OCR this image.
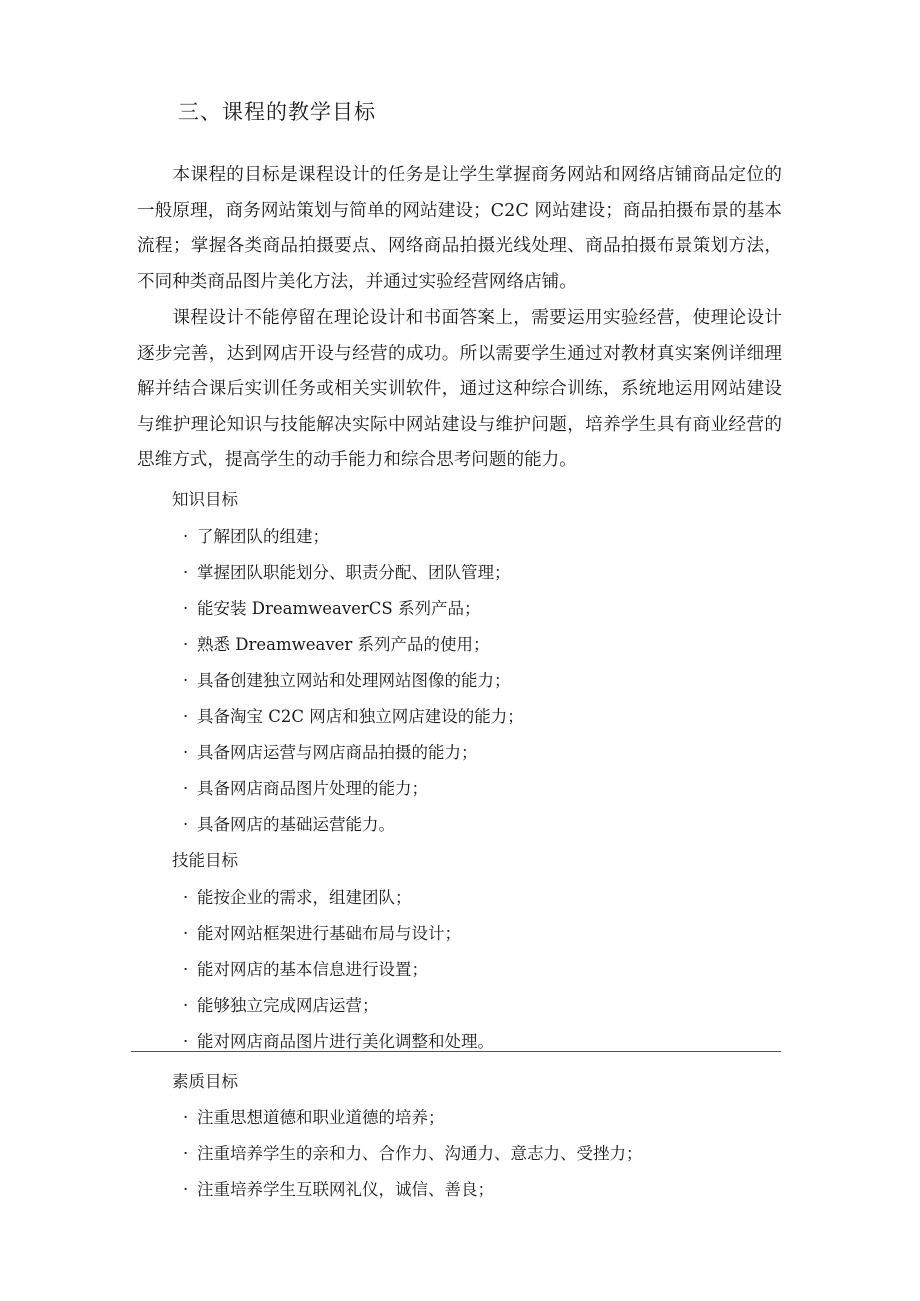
三、课程的教学目标

本课程的目标是课程设计的任务是让学生掌握商务网站和网络店铺商品定位的一般原理，商务网站策划与简单的网站建设；C2C 网站建设；商品拍摄布景的基本流程；掌握各类商品拍摄要点、网络商品拍摄光线处理、商品拍摄布景策划方法，不同种类商品图片美化方法，并通过实验经营网络店铺。

课程设计不能停留在理论设计和书面答案上，需要运用实验经营，使理论设计逐步完善，达到网店开设与经营的成功。所以需要学生通过对教材真实案例详细理解并结合课后实训任务或相关实训软件，通过这种综合训练，系统地运用网站建设与维护理论知识与技能解决实际中网站建设与维护问题，培养学生具有商业经营的思维方式，提高学生的动手能力和综合思考问题的能力。

知识目标

· 了解团队的组建；

· 掌握团队职能划分、职责分配、团队管理；

· 能安装 DreamweaverCS 系列产品；

· 熟悉 Dreamweaver 系列产品的使用；

· 具备创建独立网站和处理网站图像的能力；

· 具备淘宝 C2C 网店和独立网店建设的能力；

· 具备网店运营与网店商品拍摄的能力；

· 具备网店商品图片处理的能力；

· 具备网店的基础运营能力。

技能目标

· 能按企业的需求，组建团队；

· 能对网站框架进行基础布局与设计；

· 能对网店的基本信息进行设置；

· 能够独立完成网店运营；

· 能对网店商品图片进行美化调整和处理。

素质目标

· 注重思想道德和职业道德的培养；

· 注重培养学生的亲和力、合作力、沟通力、意志力、受挫力；

· 注重培养学生互联网礼仪，诚信、善良；
